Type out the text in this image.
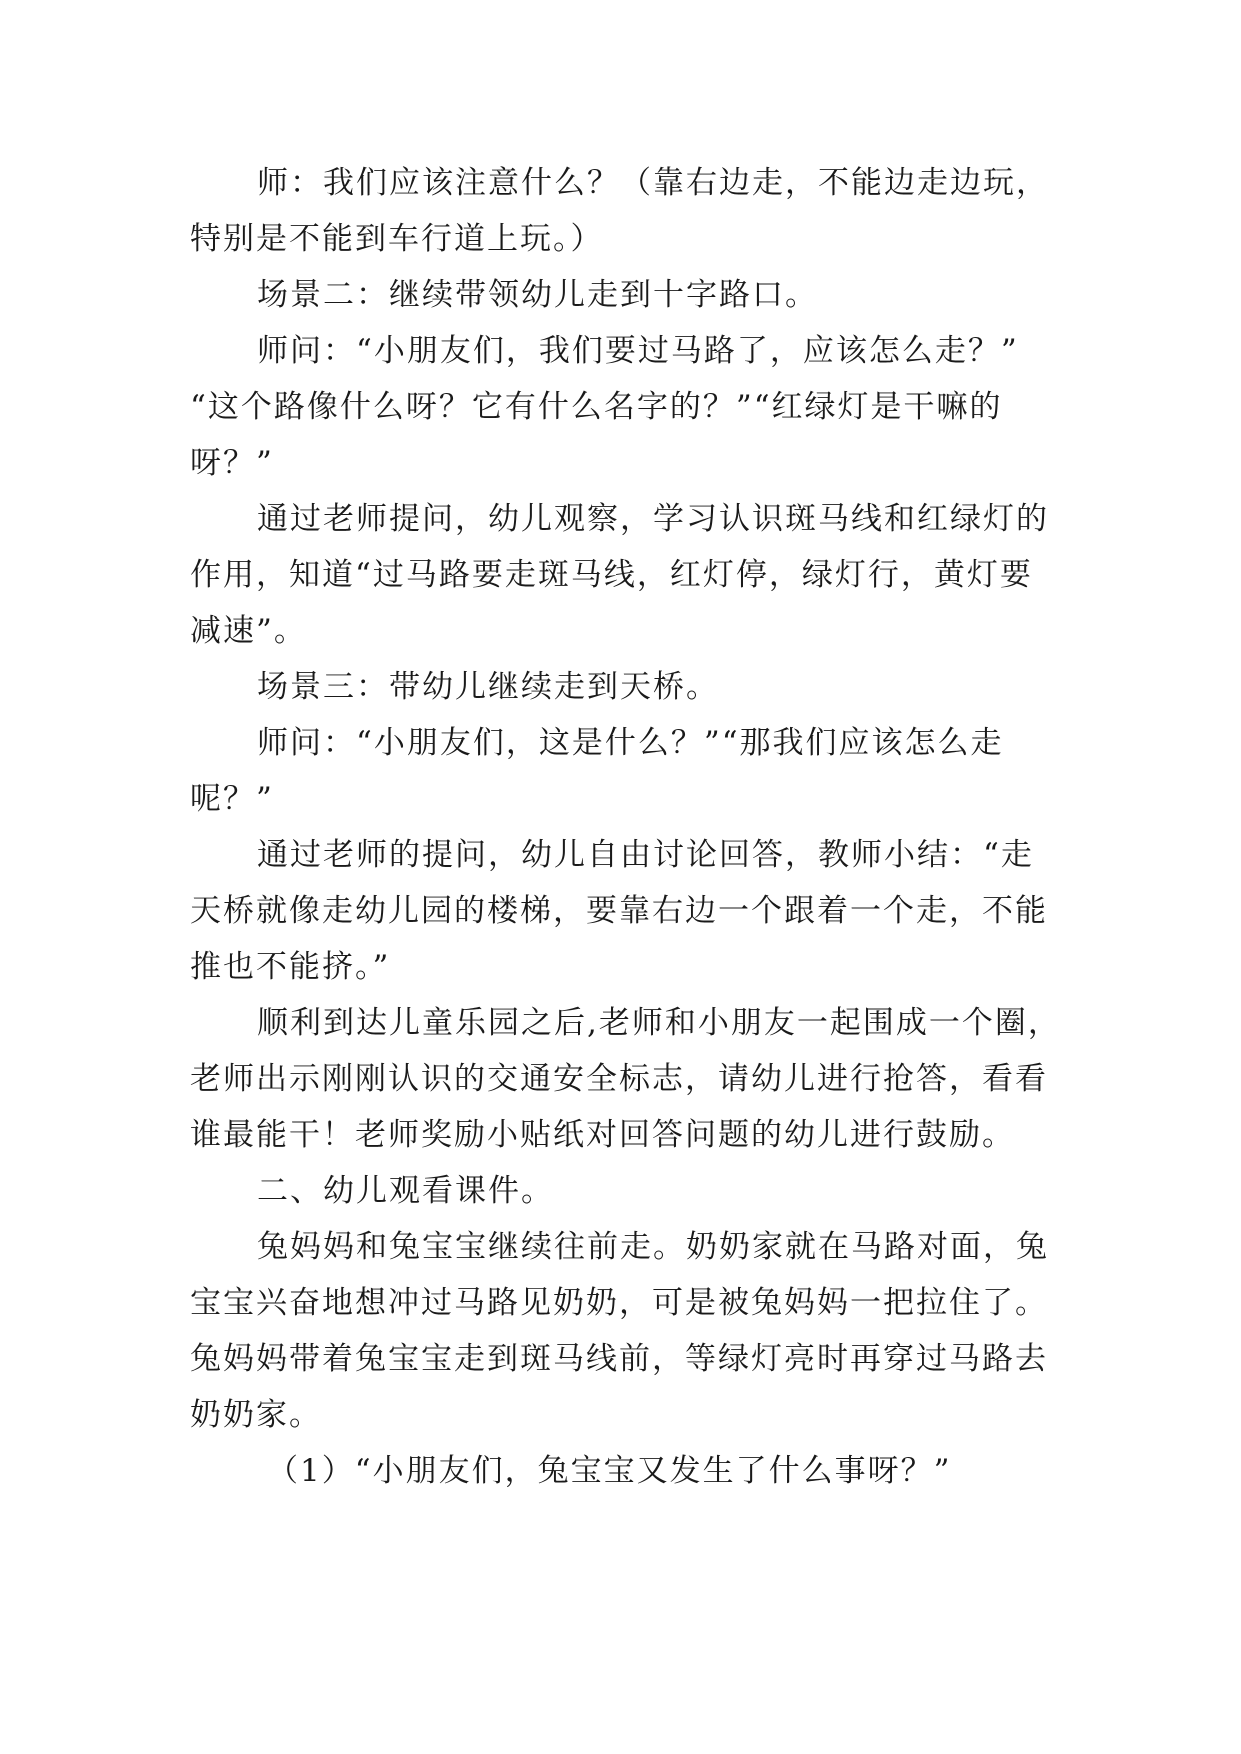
师：我们应该注意什么？（靠右边走，不能边走边玩，
特别是不能到车行道上玩。）
场景二：继续带领幼儿走到十字路口。
师问：“小朋友们，我们要过马路了，应该怎么走？”
“这个路像什么呀？它有什么名字的？”“红绿灯是干嘛的
呀？”
通过老师提问，幼儿观察，学习认识斑马线和红绿灯的
作用，知道“过马路要走斑马线，红灯停，绿灯行，黄灯要
减速”。
场景三：带幼儿继续走到天桥。
师问：“小朋友们，这是什么？”“那我们应该怎么走
呢？”
通过老师的提问，幼儿自由讨论回答，教师小结：“走
天桥就像走幼儿园的楼梯，要靠右边一个跟着一个走，不能
推也不能挤。”
顺利到达儿童乐园之后,老师和小朋友一起围成一个圈，
老师出示刚刚认识的交通安全标志，请幼儿进行抢答，看看
谁最能干！老师奖励小贴纸对回答问题的幼儿进行鼓励。
二、幼儿观看课件。
兔妈妈和兔宝宝继续往前走。奶奶家就在马路对面，兔
宝宝兴奋地想冲过马路见奶奶，可是被兔妈妈一把拉住了。
兔妈妈带着兔宝宝走到斑马线前，等绿灯亮时再穿过马路去
奶奶家。
（1）“小朋友们，兔宝宝又发生了什么事呀？”
